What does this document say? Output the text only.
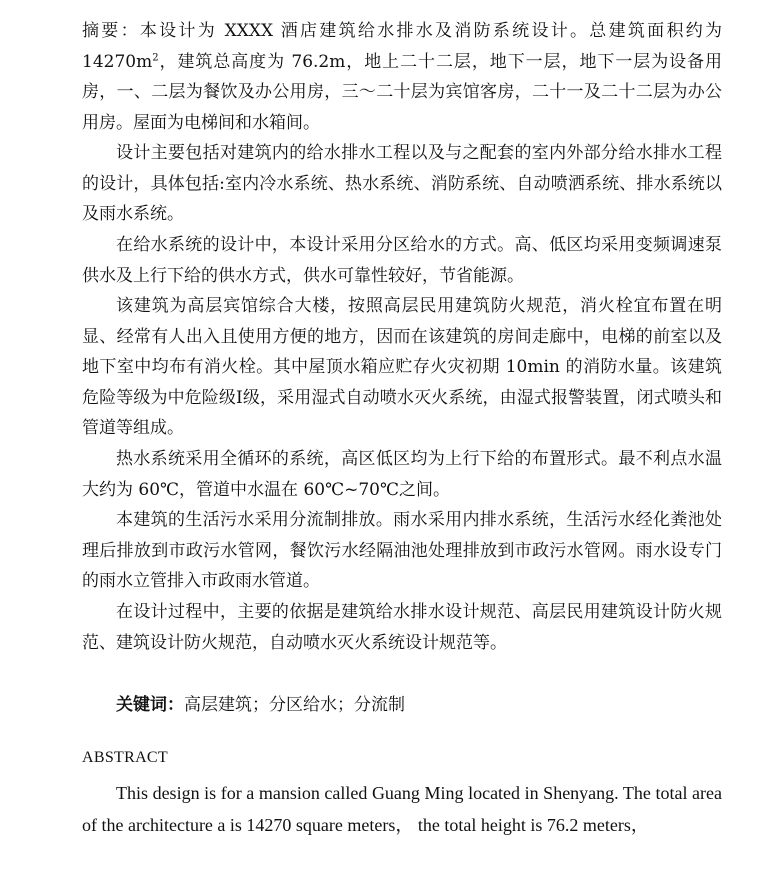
摘要：本设计为 XXXX 酒店建筑给水排水及消防系统设计。总建筑面积约为 $14270m^2$，建筑总高度为 76.2m，地上二十二层，地下一层，地下一层为设备用房，一、二层为餐饮及办公用房，三～二十层为宾馆客房，二十一及二十二层为办公用房。屋面为电梯间和水箱间。

设计主要包括对建筑内的给水排水工程以及与之配套的室内外部分给水排水工程的设计，具体包括:室内冷水系统、热水系统、消防系统、自动喷洒系统、排水系统以及雨水系统。

在给水系统的设计中，本设计采用分区给水的方式。高、低区均采用变频调速泵供水及上行下给的供水方式，供水可靠性较好，节省能源。

该建筑为高层宾馆综合大楼，按照高层民用建筑防火规范，消火栓宜布置在明显、经常有人出入且使用方便的地方，因而在该建筑的房间走廊中，电梯的前室以及地下室中均布有消火栓。其中屋顶水箱应贮存火灾初期 10min 的消防水量。该建筑危险等级为中危险级Ⅰ级，采用湿式自动喷水灭火系统，由湿式报警装置，闭式喷头和管道等组成。

热水系统采用全循环的系统，高区低区均为上行下给的布置形式。最不利点水温大约为 60℃，管道中水温在 60℃~70℃之间。

本建筑的生活污水采用分流制排放。雨水采用内排水系统，生活污水经化粪池处理后排放到市政污水管网，餐饮污水经隔油池处理排放到市政污水管网。雨水设专门的雨水立管排入市政雨水管道。

在设计过程中，主要的依据是建筑给水排水设计规范、高层民用建筑设计防火规范、建筑设计防火规范，自动喷水灭火系统设计规范等。

关键词：高层建筑；分区给水；分流制
ABSTRACT

This design is for a mansion called Guang Ming located in Shenyang. The total area of the architecture a is 14270 square meters， the total height is 76.2 meters，
